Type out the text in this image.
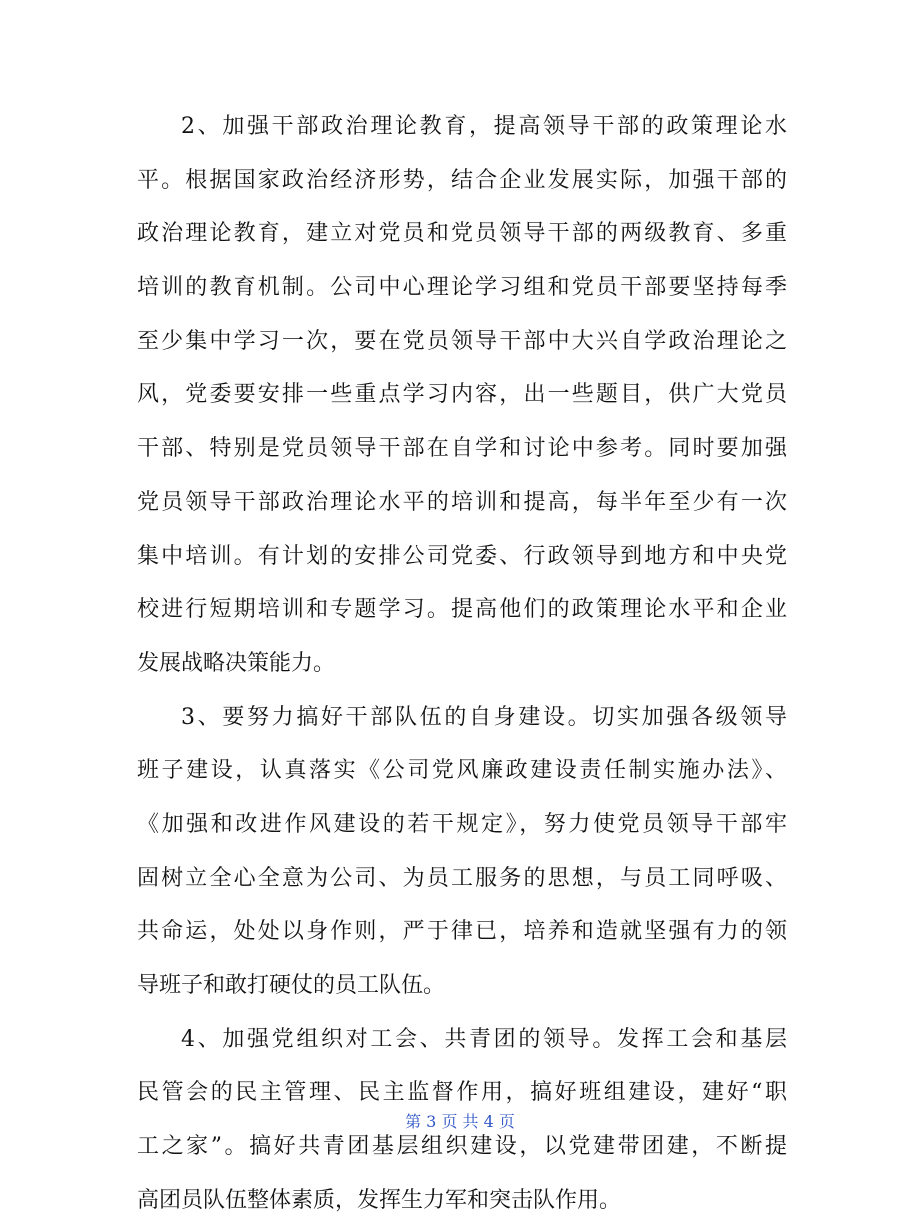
2、加强干部政治理论教育，提高领导干部的政策理论水
平。根据国家政治经济形势，结合企业发展实际，加强干部的
政治理论教育，建立对党员和党员领导干部的两级教育、多重
培训的教育机制。公司中心理论学习组和党员干部要坚持每季
至少集中学习一次，要在党员领导干部中大兴自学政治理论之
风，党委要安排一些重点学习内容，出一些题目，供广大党员
干部、特别是党员领导干部在自学和讨论中参考。同时要加强
党员领导干部政治理论水平的培训和提高，每半年至少有一次
集中培训。有计划的安排公司党委、行政领导到地方和中央党
校进行短期培训和专题学习。提高他们的政策理论水平和企业
发展战略决策能力。
3、要努力搞好干部队伍的自身建设。切实加强各级领导
班子建设，认真落实《公司党风廉政建设责任制实施办法》、
《加强和改进作风建设的若干规定》，努力使党员领导干部牢
固树立全心全意为公司、为员工服务的思想，与员工同呼吸、
共命运，处处以身作则，严于律已，培养和造就坚强有力的领
导班子和敢打硬仗的员工队伍。
4、加强党组织对工会、共青团的领导。发挥工会和基层
民管会的民主管理、民主监督作用，搞好班组建设，建好“职
工之家”。搞好共青团基层组织建设，以党建带团建，不断提
高团员队伍整体素质，发挥生力军和突击队作用。
第 3 页 共 4 页
